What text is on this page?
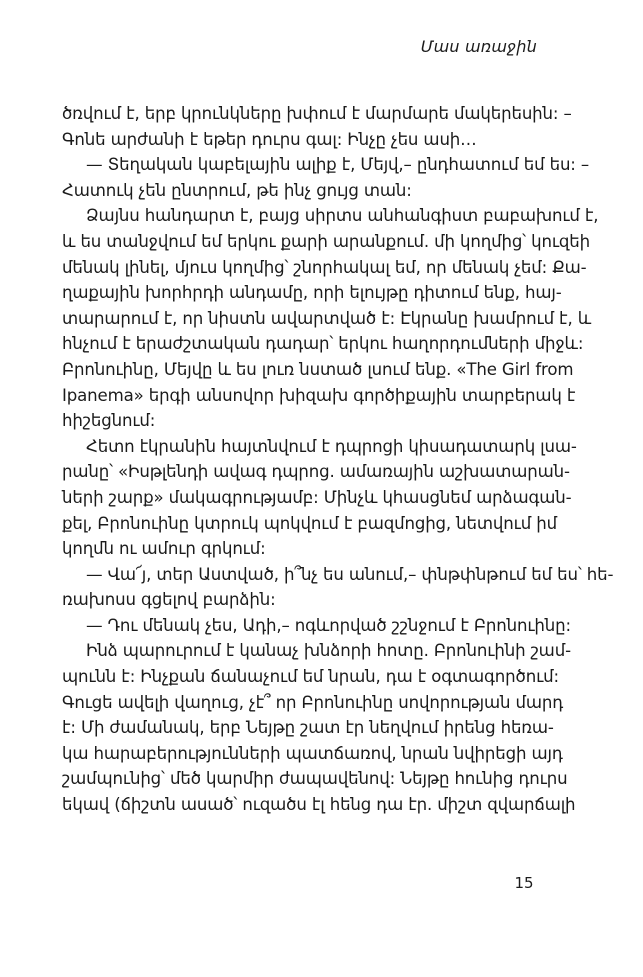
Մաս առաջին
ծռվում է, երբ կրունկները խփում է մարմարե մակերեսին: –
Գոնե արժանի է եթեր դուրս գալ: Ինչը չես ասի…
— Տեղական կաբելային ալիք է, Մեյվ,– ընդհատում եմ ես: –
Հատուկ չեն ընտրում, թե ինչ ցույց տան:
Ձայնս հանդարտ է, բայց սիրտս անհանգիստ բաբախում է,
և ես տանջվում եմ երկու քարի արանքում. մի կողմից՝ կուզեի
մենակ լինել, մյուս կողմից՝ շնորհակալ եմ, որ մենակ չեմ: Քա-
ղաքային խորհրդի անդամը, որի ելույթը դիտում ենք, հայ-
տարարում է, որ նիստն ավարտված է: Էկրանը խամրում է, և
հնչում է երաժշտական դադար՝ երկու հաղորդումների միջև:
Բրոնուինը, Մեյվը և ես լուռ նստած լսում ենք. «The Girl from
Ipanema» երգի անսովոր խիզախ գործիքային տարբերակ է
հիշեցնում:
Հետո էկրանին հայտնվում է դպրոցի կիսադատարկ լսա-
րանը՝ «Իսթլենդի ավագ դպրոց. ամառային աշխատարան-
ների շարք» մակագրությամբ: Մինչև կհասցնեմ արձագան-
քել, Բրոնուինը կտրուկ պոկվում է բազմոցից, նետվում իմ
կողմն ու ամուր գրկում:
— Վա՜յ, տեր Աստված, ի՞նչ ես անում,– փնթփնթում եմ ես՝ հե-
ռախոսս գցելով բարձին:
— Դու մենակ չես, Ադի,– ոգևորված շշնջում է Բրոնուինը:
Ինձ պարուրում է կանաչ խնձորի հոտը. Բրոնուինի շամ-
պունն է: Ինչքան ճանաչում եմ նրան, դա է օգտագործում:
Գուցե ավելի վաղուց, չէ՞ որ Բրոնուինը սովորության մարդ
է: Մի ժամանակ, երբ Նեյթը շատ էր նեղվում իրենց հեռա-
կա հարաբերությունների պատճառով, նրան նվիրեցի այդ
շամպունից՝ մեծ կարմիր ժապավենով: Նեյթը հունից դուրս
եկավ (ճիշտն ասած՝ ուզածս էլ հենց դա էր. միշտ զվարճալի
15
